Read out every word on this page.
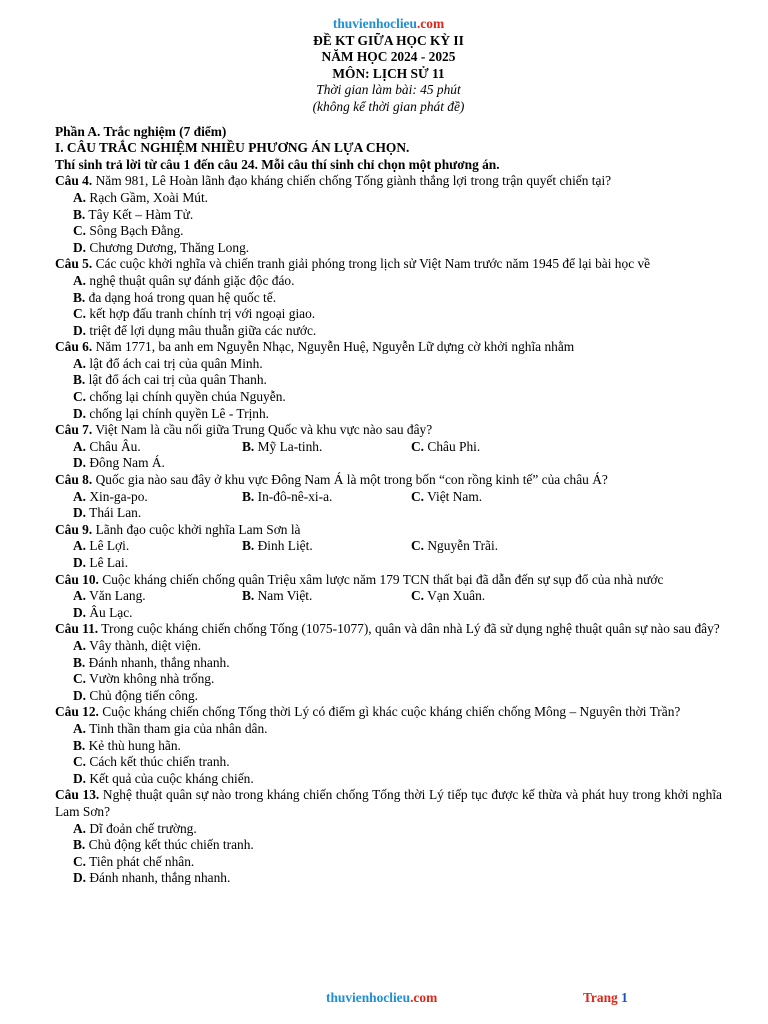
thuvienhoclieu.com
ĐỀ KT GIỮA HỌC KỲ II
NĂM HỌC 2024 - 2025
MÔN: LỊCH SỬ 11
Thời gian làm bài: 45 phút
(không kể thời gian phát đề)
Phần A. Trắc nghiệm (7 điểm)
I. CÂU TRẮC NGHIỆM NHIỀU PHƯƠNG ÁN LỰA CHỌN.
Thí sinh trả lời từ câu 1 đến câu 24. Mỗi câu thí sinh chỉ chọn một phương án.
Câu 4. Năm 981, Lê Hoàn lãnh đạo kháng chiến chống Tống giành thắng lợi trong trận quyết chiến tại?
A. Rạch Gầm, Xoài Mút.
B. Tây Kết – Hàm Tử.
C. Sông Bạch Đằng.
D. Chương Dương, Thăng Long.
Câu 5. Các cuộc khởi nghĩa và chiến tranh giải phóng trong lịch sử Việt Nam trước năm 1945 để lại bài học về
A. nghệ thuật quân sự đánh giặc độc đáo.
B. đa dạng hoá trong quan hệ quốc tế.
C. kết hợp đấu tranh chính trị với ngoại giao.
D. triệt để lợi dụng mâu thuẫn giữa các nước.
Câu 6. Năm 1771, ba anh em Nguyễn Nhạc, Nguyễn Huệ, Nguyễn Lữ dựng cờ khởi nghĩa nhằm
A. lật đổ ách cai trị của quân Minh.
B. lật đổ ách cai trị của quân Thanh.
C. chống lại chính quyền chúa Nguyễn.
D. chống lại chính quyền Lê - Trịnh.
Câu 7. Việt Nam là cầu nối giữa Trung Quốc và khu vực nào sau đây?
A. Châu Âu.	B. Mỹ La-tinh.	C. Châu Phi.
D. Đông Nam Á.
Câu 8. Quốc gia nào sau đây ở khu vực Đông Nam Á là một trong bốn “con rồng kinh tế” của châu Á?
A. Xin-ga-po.	B. In-đô-nê-xi-a.	C. Việt Nam.
D. Thái Lan.
Câu 9. Lãnh đạo cuộc khởi nghĩa Lam Sơn là
A. Lê Lợi.	B. Đinh Liệt.	C. Nguyễn Trãi.
D. Lê Lai.
Câu 10. Cuộc kháng chiến chống quân Triệu xâm lược năm 179 TCN thất bại đã dẫn đến sự sụp đổ của nhà nước
A. Văn Lang.	B. Nam Việt.	C. Vạn Xuân.
D. Âu Lạc.
Câu 11. Trong cuộc kháng chiến chống Tống (1075-1077), quân và dân nhà Lý đã sử dụng nghệ thuật quân sự nào sau đây?
A. Vây thành, diệt viện.
B. Đánh nhanh, thắng nhanh.
C. Vườn không nhà trống.
D. Chủ động tiến công.
Câu 12. Cuộc kháng chiến chống Tống thời Lý có điểm gì khác cuộc kháng chiến chống Mông – Nguyên thời Trần?
A. Tinh thần tham gia của nhân dân.
B. Kẻ thù hung hãn.
C. Cách kết thúc chiến tranh.
D. Kết quả của cuộc kháng chiến.
Câu 13. Nghệ thuật quân sự nào trong kháng chiến chống Tống thời Lý tiếp tục được kế thừa và phát huy trong khởi nghĩa Lam Sơn?
A. Dĩ đoản chế trường.
B. Chủ động kết thúc chiến tranh.
C. Tiên phát chế nhân.
D. Đánh nhanh, thắng nhanh.
thuvienhoclieu.com	Trang 1
